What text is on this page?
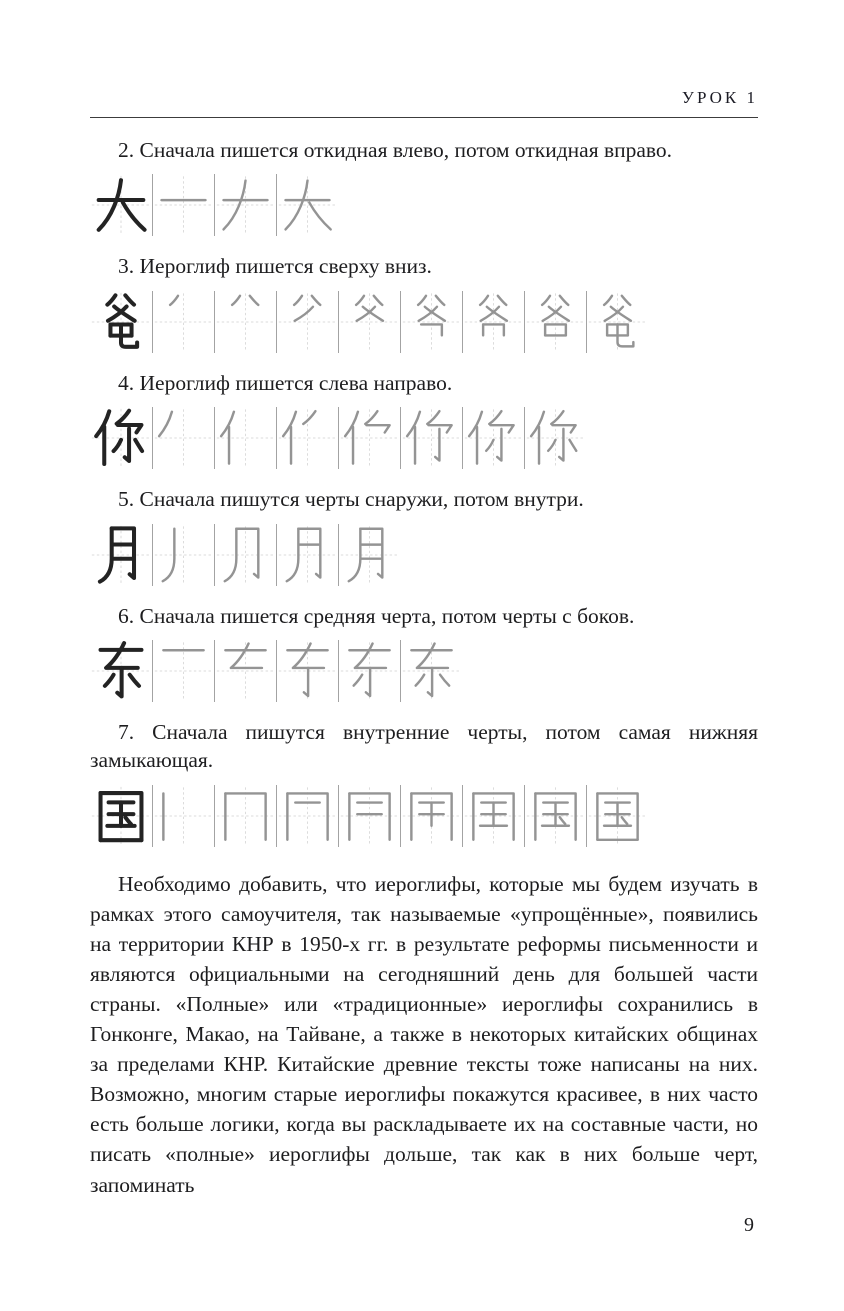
УРОК 1

2. Сначала пишется откидная влево, потом откидная вправо.

3. Иероглиф пишется сверху вниз.

4. Иероглиф пишется слева направо.

5. Сначала пишутся черты снаружи, потом внутри.

6. Сначала пишется средняя черта, потом черты с боков.

7. Сначала пишутся внутренние черты, потом самая нижняя замыкающая.

Необходимо добавить, что иероглифы, которые мы будем изучать в рамках этого самоучителя, так называемые «упрощённые», появились на территории КНР в 1950-х гг. в результате реформы письменности и являются официальными на сегодняшний день для большей части страны. «Полные» или «традиционные» иероглифы сохранились в Гонконге, Макао, на Тайване, а также в некоторых китайских общинах за пределами КНР. Китайские древние тексты тоже написаны на них. Возможно, многим старые иероглифы покажутся красивее, в них часто есть больше логики, когда вы раскладываете их на составные части, но писать «полные» иероглифы дольше, так как в них больше черт, запоминать

9
